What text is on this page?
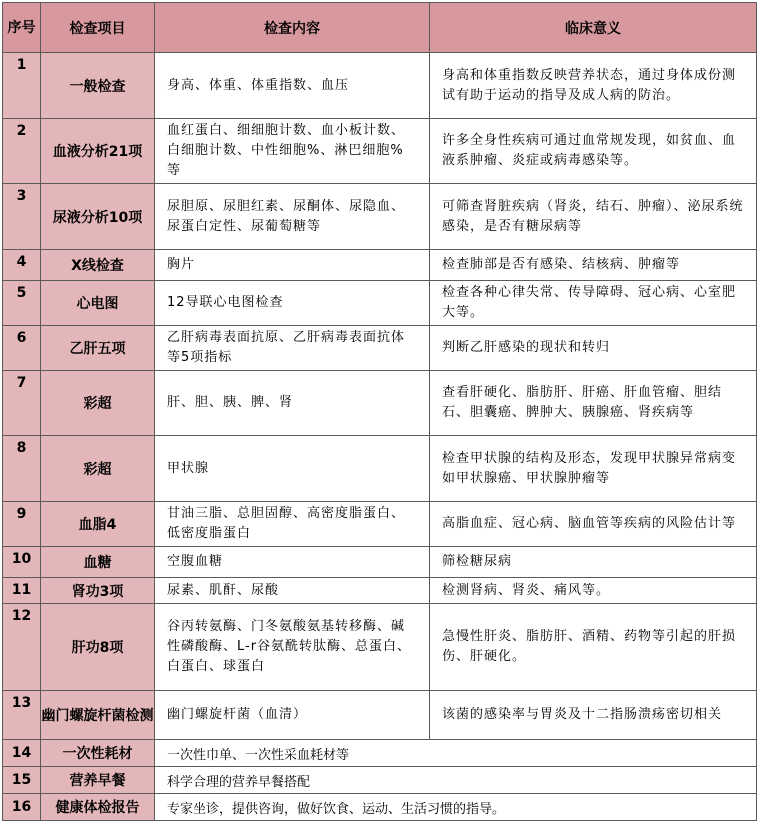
序号	检查项目	检查内容	临床意义
1	一般检查	身高、体重、体重指数、血压	身高和体重指数反映营养状态，通过身体成份测试有助于运动的指导及成人病的防治。
2	血液分析21项	血红蛋白、细细胞计数、血小板计数、白细胞计数、中性细胞%、淋巴细胞%等	许多全身性疾病可通过血常规发现，如贫血、血液系肿瘤、炎症或病毒感染等。
3	尿液分析10项	尿胆原、尿胆红素、尿酮体、尿隐血、尿蛋白定性、尿葡萄糖等	可筛查肾脏疾病（肾炎，结石、肿瘤）、泌尿系统感染，是否有糖尿病等
4	X线检查	胸片	检查肺部是否有感染、结核病、肿瘤等
5	心电图	12导联心电图检查	检查各种心律失常、传导障碍、冠心病、心室肥大等。
6	乙肝五项	乙肝病毒表面抗原、乙肝病毒表面抗体等5项指标	判断乙肝感染的现状和转归
7	彩超	肝、胆、胰、脾、肾	查看肝硬化、脂肪肝、肝癌、肝血管瘤、胆结石、胆囊癌、脾肿大、胰腺癌、肾疾病等
8	彩超	甲状腺	检查甲状腺的结构及形态，发现甲状腺异常病变如甲状腺癌、甲状腺肿瘤等
9	血脂4	甘油三脂、总胆固醇、高密度脂蛋白、低密度脂蛋白	高脂血症、冠心病、脑血管等疾病的风险估计等
10	血糖	空腹血糖	筛检糖尿病
11	肾功3项	尿素、肌酐、尿酸	检测肾病、肾炎、痛风等。
12	肝功8项	谷丙转氨酶、门冬氨酸氨基转移酶、碱性磷酸酶、L-r谷氨酰转肽酶、总蛋白、白蛋白、球蛋白	急慢性肝炎、脂肪肝、酒精、药物等引起的肝损伤、肝硬化。
13	幽门螺旋杆菌检测	幽门螺旋杆菌（血清）	该菌的感染率与胃炎及十二指肠溃疡密切相关
14	一次性耗材	一次性巾单、一次性采血耗材等	
15	营养早餐	科学合理的营养早餐搭配	
16	健康体检报告	专家坐诊，提供咨询，做好饮食、运动、生活习惯的指导。	
